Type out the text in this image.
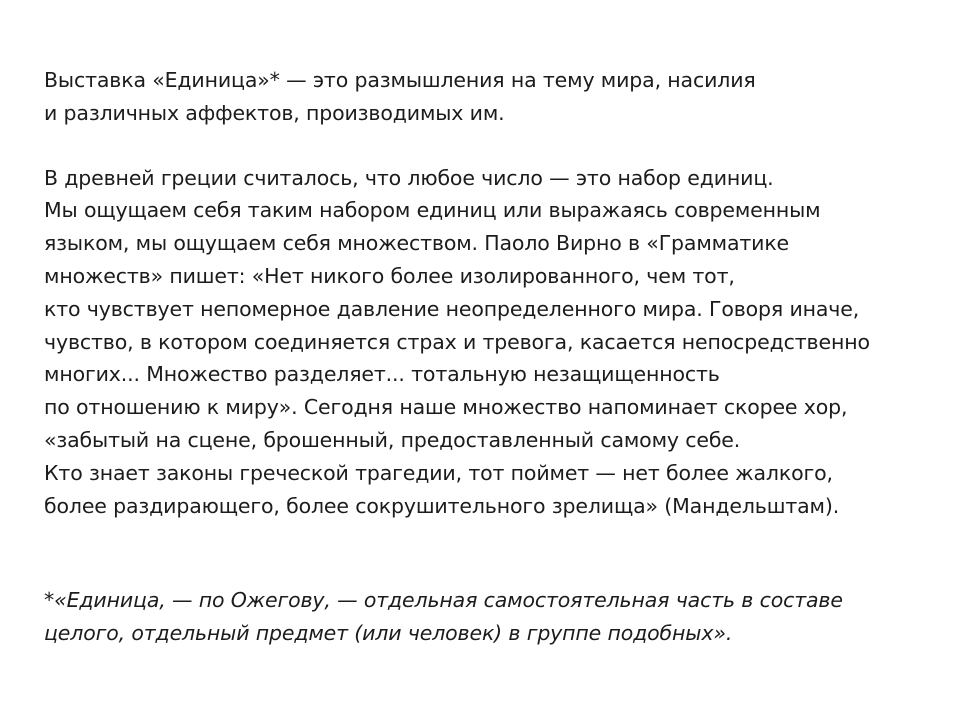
Выставка «Единица»* — это размышления на тему мира, насилия
и различных аффектов, производимых им.

В древней греции считалось, что любое число — это набор единиц.
Мы ощущаем себя таким набором единиц или выражаясь современным
языком, мы ощущаем себя множеством. Паоло Вирно в «Грамматике
множеств» пишет: «Нет никого более изолированного, чем тот,
кто чувствует непомерное давление неопределенного мира. Говоря иначе,
чувство, в котором соединяется страх и тревога, касается непосредственно
многих... Множество разделяет... тотальную незащищенность
по отношению к миру». Сегодня наше множество напоминает скорее хор,
«забытый на сцене, брошенный, предоставленный самому себе.
Кто знает законы греческой трагедии, тот поймет — нет более жалкого,
более раздирающего, более сокрушительного зрелища» (Мандельштам).

*«Единица, — по Ожегову, — отдельная самостоятельная часть в составе
целого, отдельный предмет (или человек) в группе подобных».
